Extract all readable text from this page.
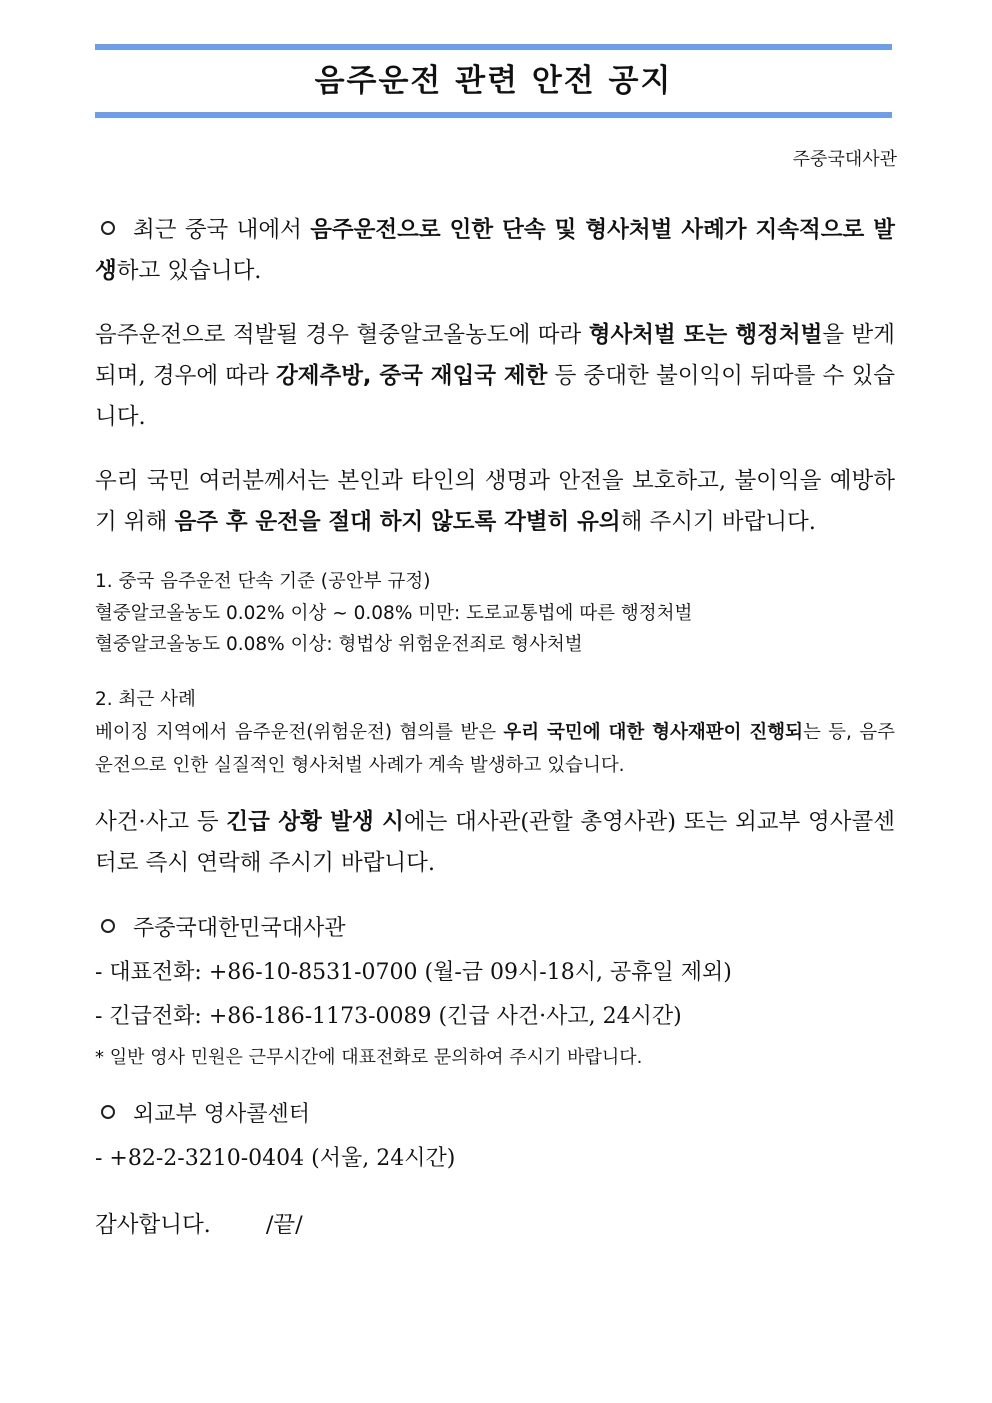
음주운전 관련 안전 공지
주중국대사관

최근 중국 내에서 음주운전으로 인한 단속 및 형사처벌 사례가 지속적으로 발생하고 있습니다.

음주운전으로 적발될 경우 혈중알코올농도에 따라 형사처벌 또는 행정처벌을 받게 되며, 경우에 따라 강제추방, 중국 재입국 제한 등 중대한 불이익이 뒤따를 수 있습니다.

우리 국민 여러분께서는 본인과 타인의 생명과 안전을 보호하고, 불이익을 예방하기 위해 음주 후 운전을 절대 하지 않도록 각별히 유의해 주시기 바랍니다.

1. 중국 음주운전 단속 기준 (공안부 규정)
혈중알코올농도 0.02% 이상 ~ 0.08% 미만: 도로교통법에 따른 행정처벌
혈중알코올농도 0.08% 이상: 형법상 위험운전죄로 형사처벌
2. 최근 사례
베이징 지역에서 음주운전(위험운전) 혐의를 받은 우리 국민에 대한 형사재판이 진행되는 등, 음주운전으로 인한 실질적인 형사처벌 사례가 계속 발생하고 있습니다.

사건·사고 등 긴급 상황 발생 시에는 대사관(관할 총영사관) 또는 외교부 영사콜센터로 즉시 연락해 주시기 바랍니다.

주중국대한민국대사관
- 대표전화: +86-10-8531-0700 (월-금 09시-18시, 공휴일 제외)
- 긴급전화: +86-186-1173-0089 (긴급 사건·사고, 24시간)
* 일반 영사 민원은 근무시간에 대표전화로 문의하여 주시기 바랍니다.
외교부 영사콜센터
- +82-2-3210-0404 (서울, 24시간)
감사합니다. /끝/
